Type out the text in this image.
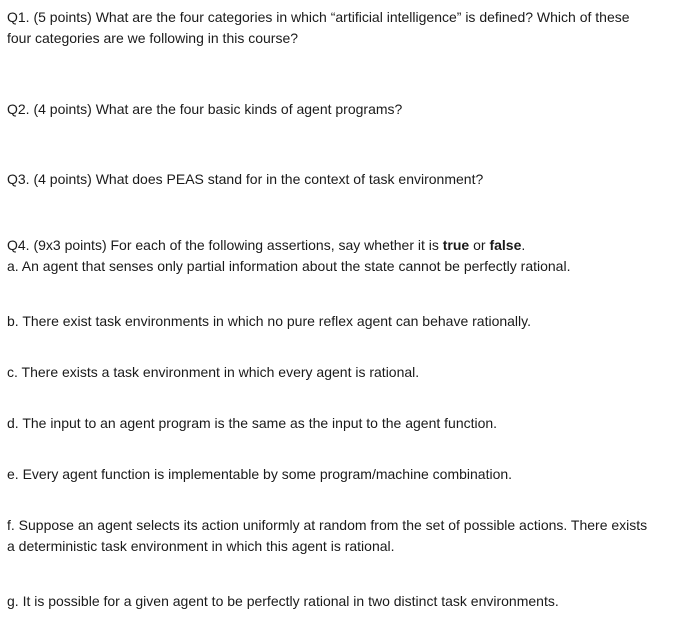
Q1. (5 points) What are the four categories in which “artificial intelligence” is defined? Which of these
four categories are we following in this course?
Q2. (4 points) What are the four basic kinds of agent programs?
Q3. (4 points) What does PEAS stand for in the context of task environment?
Q4. (9x3 points) For each of the following assertions, say whether it is true or false.
a. An agent that senses only partial information about the state cannot be perfectly rational.
b. There exist task environments in which no pure reflex agent can behave rationally.
c. There exists a task environment in which every agent is rational.
d. The input to an agent program is the same as the input to the agent function.
e. Every agent function is implementable by some program/machine combination.
f. Suppose an agent selects its action uniformly at random from the set of possible actions. There exists
a deterministic task environment in which this agent is rational.
g. It is possible for a given agent to be perfectly rational in two distinct task environments.
